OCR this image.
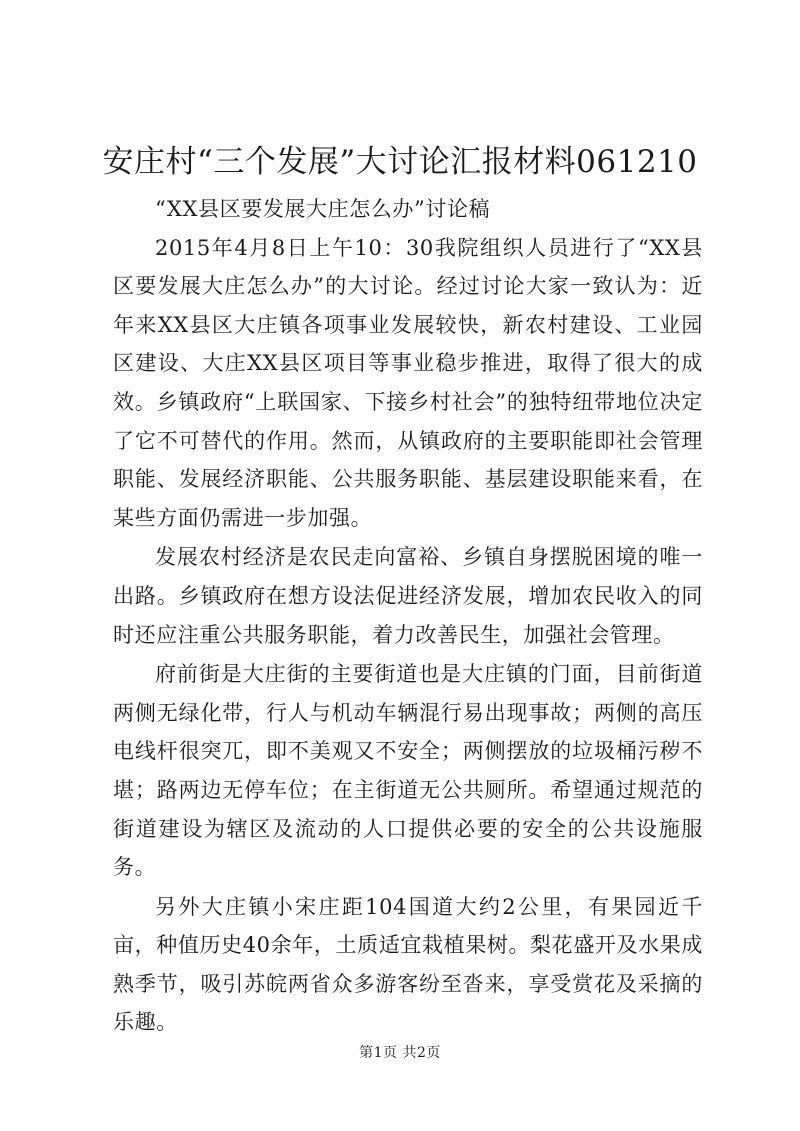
安庄村“三个发展”大讨论汇报材料061210

“XX县区要发展大庄怎么办”讨论稿

2015年4月8日上午10：30我院组织人员进行了“XX县区要发展大庄怎么办”的大讨论。经过讨论大家一致认为：近年来XX县区大庄镇各项事业发展较快，新农村建设、工业园区建设、大庄XX县区项目等事业稳步推进，取得了很大的成效。乡镇政府“上联国家、下接乡村社会”的独特纽带地位决定了它不可替代的作用。然而，从镇政府的主要职能即社会管理职能、发展经济职能、公共服务职能、基层建设职能来看，在某些方面仍需进一步加强。

发展农村经济是农民走向富裕、乡镇自身摆脱困境的唯一出路。乡镇政府在想方设法促进经济发展，增加农民收入的同时还应注重公共服务职能，着力改善民生，加强社会管理。

府前街是大庄街的主要街道也是大庄镇的门面，目前街道两侧无绿化带，行人与机动车辆混行易出现事故；两侧的高压电线杆很突兀，即不美观又不安全；两侧摆放的垃圾桶污秽不堪；路两边无停车位；在主街道无公共厕所。希望通过规范的街道建设为辖区及流动的人口提供必要的安全的公共设施服务。

另外大庄镇小宋庄距104国道大约2公里，有果园近千亩，种值历史40余年，土质适宜栽植果树。梨花盛开及水果成熟季节，吸引苏皖两省众多游客纷至沓来，享受赏花及采摘的乐趣。

第1页 共2页
